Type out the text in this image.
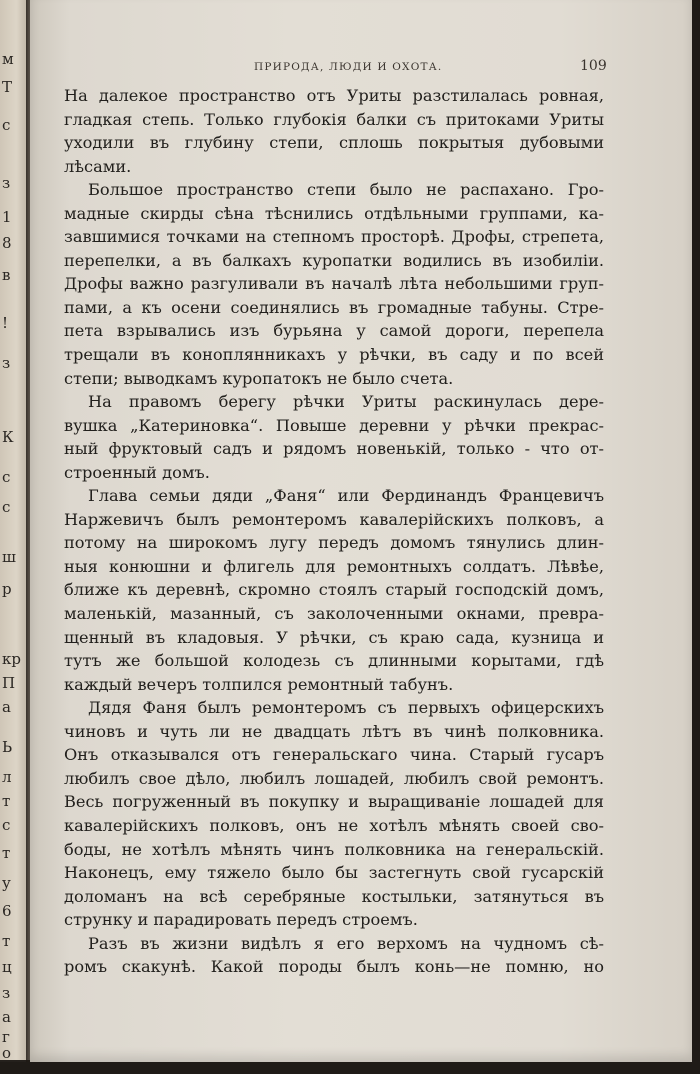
м
Т
с
з
1
8
в
!
з
К
с
с
ш
р
кр
П
а
Ь
л
т
с
т
у
6
т
ц
з
а
г
о
ПРИРОДА, ЛЮДИ И ОХОТА.	109
На далекое пространство отъ Уриты разстилалась ровная,
гладкая степь. Только глубокія балки съ притоками Уриты
уходили въ глубину степи, сплошь покрытыя дубовыми
лѣсами.
Большое пространство степи было не распахано. Гро-
мадные скирды сѣна тѣснились отдѣльными группами, ка-
завшимися точками на степномъ просторѣ. Дрофы, стрепета,
перепелки, а въ балкахъ куропатки водились въ изобиліи.
Дрофы важно разгуливали въ началѣ лѣта небольшими груп-
пами, а къ осени соединялись въ громадные табуны. Стре-
пета взрывались изъ бурьяна у самой дороги, перепела
трещали въ коноплянникахъ у рѣчки, въ саду и по всей
степи; выводкамъ куропатокъ не было счета.
На правомъ берегу рѣчки Уриты раскинулась дере-
вушка „Катериновка“. Повыше деревни у рѣчки прекрас-
ный фруктовый садъ и рядомъ новенькій, только - что от-
строенный домъ.
Глава семьи дяди „Фаня“ или Фердинандъ Францевичъ
Наржевичъ былъ ремонтеромъ кавалерійскихъ полковъ, а
потому на широкомъ лугу передъ домомъ тянулись длин-
ныя конюшни и флигель для ремонтныхъ солдатъ. Лѣвѣе,
ближе къ деревнѣ, скромно стоялъ старый господскій домъ,
маленькій, мазанный, съ заколоченными окнами, превра-
щенный въ кладовыя. У рѣчки, съ краю сада, кузница и
тутъ же большой колодезь съ длинными корытами, гдѣ
каждый вечеръ толпился ремонтный табунъ.
Дядя Фаня былъ ремонтеромъ съ первыхъ офицерскихъ
чиновъ и чуть ли не двадцать лѣтъ въ чинѣ полковника.
Онъ отказывался отъ генеральскаго чина. Старый гусаръ
любилъ свое дѣло, любилъ лошадей, любилъ свой ремонтъ.
Весь погруженный въ покупку и выращиваніе лошадей для
кавалерійскихъ полковъ, онъ не хотѣлъ мѣнять своей сво-
боды, не хотѣлъ мѣнять чинъ полковника на генеральскій.
Наконецъ, ему тяжело было бы застегнуть свой гусарскій
доломанъ на всѣ серебряные костыльки, затянуться въ
струнку и парадировать передъ строемъ.
Разъ въ жизни видѣлъ я его верхомъ на чудномъ сѣ-
ромъ скакунѣ. Какой породы былъ конь—не помню, но
